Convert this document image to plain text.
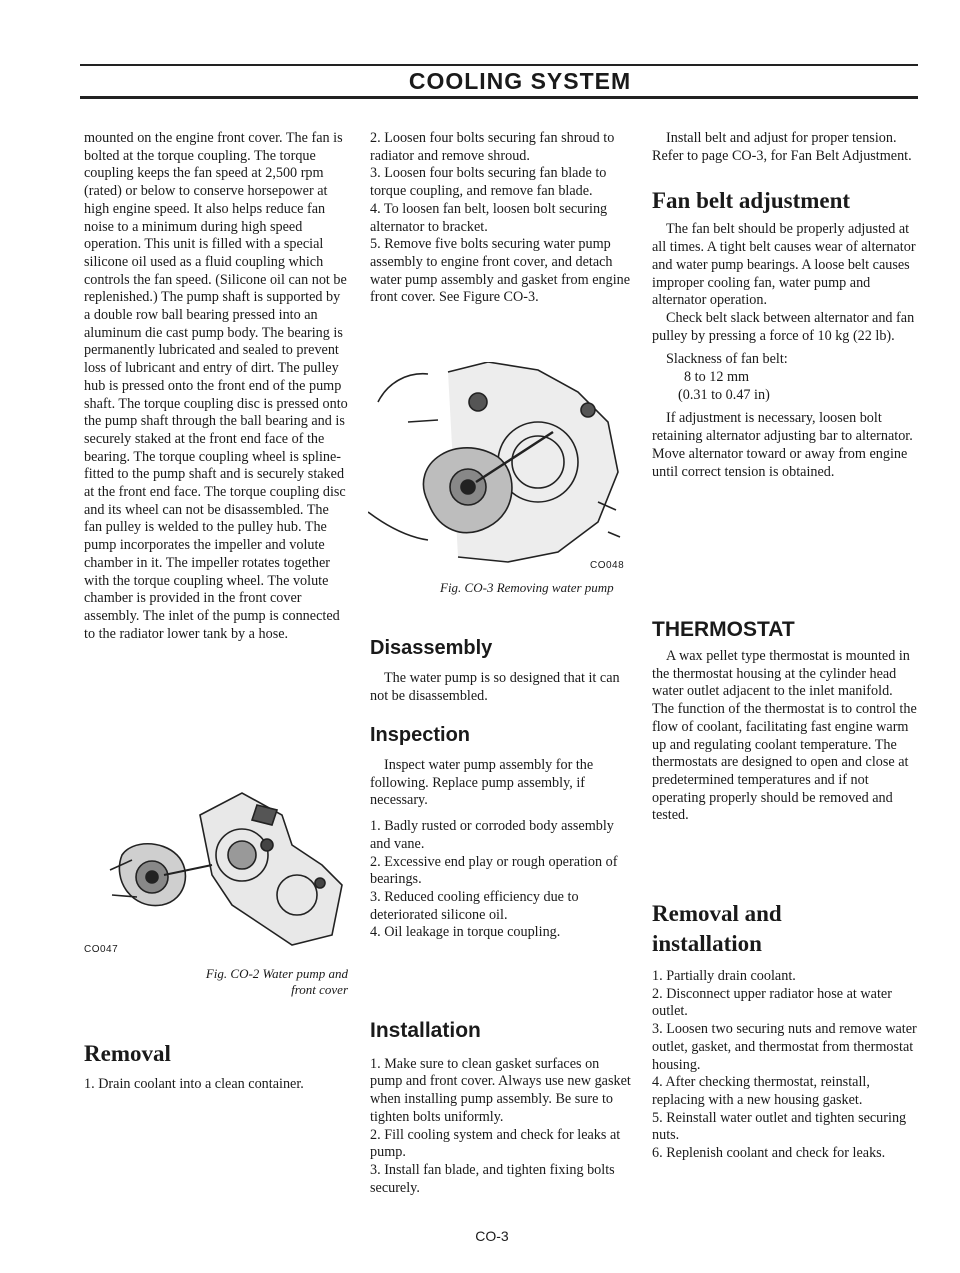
COOLING SYSTEM

mounted on the engine front cover. The fan is bolted at the torque coupling. The torque coupling keeps the fan speed at 2,500 rpm (rated) or below to conserve horsepower at high engine speed. It also helps reduce fan noise to a minimum during high speed operation. This unit is filled with a special silicone oil used as a fluid coupling which controls the fan speed. (Silicone oil can not be replenished.) The pump shaft is supported by a double row ball bearing pressed into an aluminum die cast pump body. The bearing is permanently lubricated and sealed to prevent loss of lubricant and entry of dirt. The pulley hub is pressed onto the front end of the pump shaft. The torque coupling disc is pressed onto the pump shaft through the ball bearing and is securely staked at the front end face of the bearing. The torque coupling wheel is spline-fitted to the pump shaft and is securely staked at the front end face. The torque coupling disc and its wheel can not be disassembled. The fan pulley is welded to the pulley hub. The pump incorporates the impeller and volute chamber in it. The impeller rotates together with the torque coupling wheel. The volute chamber is provided in the front cover assembly. The inlet of the pump is connected to the radiator lower tank by a hose.

CO047
Fig. CO-2 Water pump and
front cover
Removal

1. Drain coolant into a clean container.

2. Loosen four bolts securing fan shroud to radiator and remove shroud.

3. Loosen four bolts securing fan blade to torque coupling, and remove fan blade.

4. To loosen fan belt, loosen bolt securing alternator to bracket.

5. Remove five bolts securing water pump assembly to engine front cover, and detach water pump assembly and gasket from engine front cover. See Figure CO-3.

CO048
Fig. CO-3 Removing water pump
Disassembly

The water pump is so designed that it can not be disassembled.

Inspection

Inspect water pump assembly for the following. Replace pump assembly, if necessary.

1. Badly rusted or corroded body assembly and vane.

2. Excessive end play or rough operation of bearings.

3. Reduced cooling efficiency due to deteriorated silicone oil.

4. Oil leakage in torque coupling.

Installation

1. Make sure to clean gasket surfaces on pump and front cover. Always use new gasket when installing pump assembly. Be sure to tighten bolts uniformly.

2. Fill cooling system and check for leaks at pump.

3. Install fan blade, and tighten fixing bolts securely.

Install belt and adjust for proper tension. Refer to page CO-3, for Fan Belt Adjustment.

Fan belt adjustment

The fan belt should be properly adjusted at all times. A tight belt causes wear of alternator and water pump bearings. A loose belt causes improper cooling fan, water pump and alternator operation.

Check belt slack between alternator and fan pulley by pressing a force of 10 kg (22 lb).

Slackness of fan belt:

8 to 12 mm

(0.31 to 0.47 in)

If adjustment is necessary, loosen bolt retaining alternator adjusting bar to alternator. Move alternator toward or away from engine until correct tension is obtained.

THERMOSTAT

A wax pellet type thermostat is mounted in the thermostat housing at the cylinder head water outlet adjacent to the inlet manifold. The function of the thermostat is to control the flow of coolant, facilitating fast engine warm up and regulating coolant temperature. The thermostats are designed to open and close at predetermined temperatures and if not operating properly should be removed and tested.

Removal and
installation

1. Partially drain coolant.

2. Disconnect upper radiator hose at water outlet.

3. Loosen two securing nuts and remove water outlet, gasket, and thermostat from thermostat housing.

4. After checking thermostat, reinstall, replacing with a new housing gasket.

5. Reinstall water outlet and tighten securing nuts.

6. Replenish coolant and check for leaks.

CO-3
